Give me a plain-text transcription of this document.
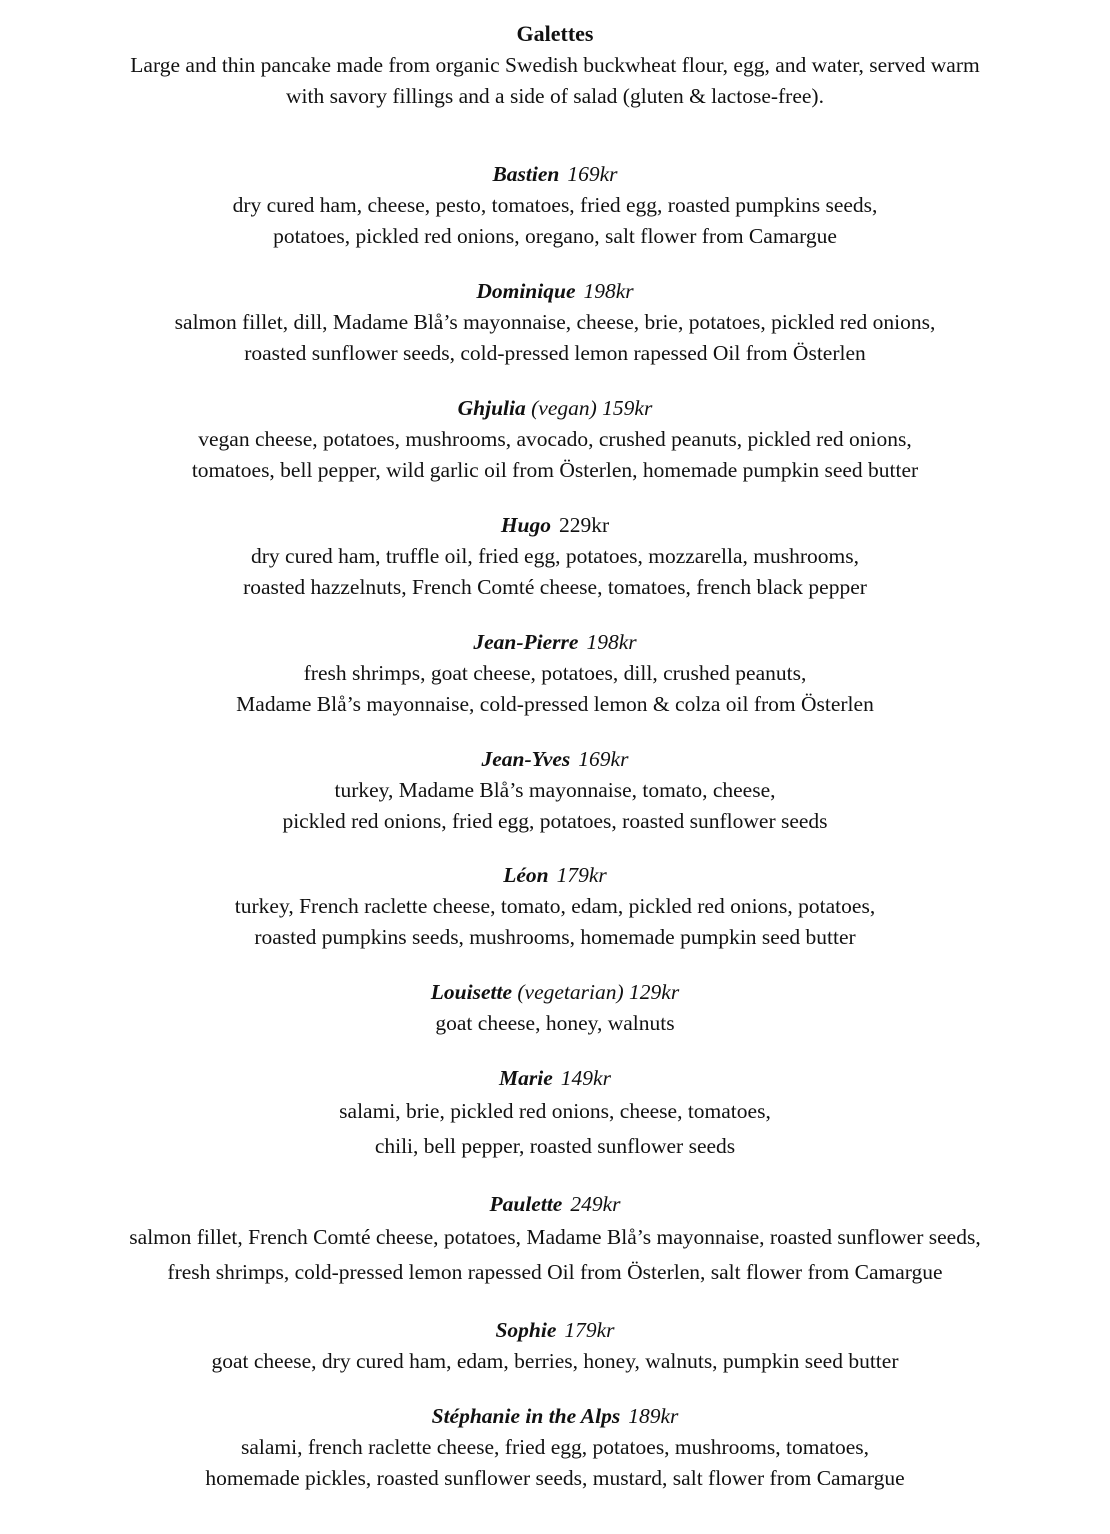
Galettes
Large and thin pancake made from organic Swedish buckwheat flour, egg, and water, served warm
with savory fillings and a side of salad (gluten & lactose-free).
Bastien 169kr
dry cured ham, cheese, pesto, tomatoes, fried egg, roasted pumpkins seeds,
potatoes, pickled red onions, oregano, salt flower from Camargue
Dominique 198kr
salmon fillet, dill, Madame Blå’s mayonnaise, cheese, brie, potatoes, pickled red onions,
roasted sunflower seeds, cold-pressed lemon rapessed Oil from Österlen
Ghjulia (vegan) 159kr
vegan cheese, potatoes, mushrooms, avocado, crushed peanuts, pickled red onions,
tomatoes, bell pepper, wild garlic oil from Österlen, homemade pumpkin seed butter
Hugo 229kr
dry cured ham, truffle oil, fried egg, potatoes, mozzarella, mushrooms,
roasted hazzelnuts, French Comté cheese, tomatoes, french black pepper
Jean-Pierre 198kr
fresh shrimps, goat cheese, potatoes, dill, crushed peanuts,
Madame Blå’s mayonnaise, cold-pressed lemon & colza oil from Österlen
Jean-Yves 169kr
turkey, Madame Blå’s mayonnaise, tomato, cheese,
pickled red onions, fried egg, potatoes, roasted sunflower seeds
Léon 179kr
turkey, French raclette cheese, tomato, edam, pickled red onions, potatoes,
roasted pumpkins seeds, mushrooms, homemade pumpkin seed butter
Louisette (vegetarian) 129kr
goat cheese, honey, walnuts
Marie 149kr
salami, brie, pickled red onions, cheese, tomatoes,
chili, bell pepper, roasted sunflower seeds
Paulette 249kr
salmon fillet, French Comté cheese, potatoes, Madame Blå’s mayonnaise, roasted sunflower seeds,
fresh shrimps, cold-pressed lemon rapessed Oil from Österlen, salt flower from Camargue
Sophie 179kr
goat cheese, dry cured ham, edam, berries, honey, walnuts, pumpkin seed butter
Stéphanie in the Alps 189kr
salami, french raclette cheese, fried egg, potatoes, mushrooms, tomatoes,
homemade pickles, roasted sunflower seeds, mustard, salt flower from Camargue
